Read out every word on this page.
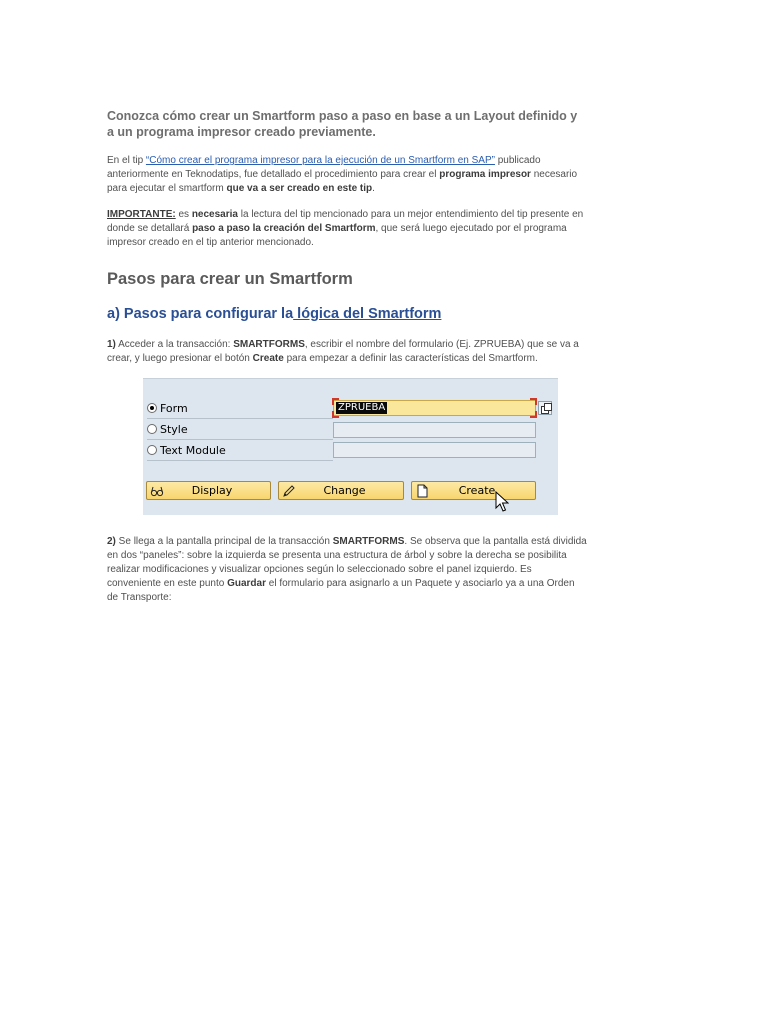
Conozca cómo crear un Smartform paso a paso en base a un Layout definido y a un programa impresor creado previamente.

En el tip “Cómo crear el programa impresor para la ejecución de un Smartform en SAP” publicado anteriormente en Teknodatips, fue detallado el procedimiento para crear el programa impresor necesario para ejecutar el smartform que va a ser creado en este tip.

IMPORTANTE: es necesaria la lectura del tip mencionado para un mejor entendimiento del tip presente en donde se detallará paso a paso la creación del Smartform, que será luego ejecutado por el programa impresor creado en el tip anterior mencionado.

Pasos para crear un Smartform
a) Pasos para configurar la lógica del Smartform

1) Acceder a la transacción: SMARTFORMS, escribir el nombre del formulario (Ej. ZPRUEBA) que se va a crear, y luego presionar el botón Create para empezar a definir las características del Smartform.

Form
Style
Text Module
ZPRUEBA
Display	Change	Create

2) Se llega a la pantalla principal de la transacción SMARTFORMS. Se observa que la pantalla está dividida en dos “paneles”: sobre la izquierda se presenta una estructura de árbol y sobre la derecha se posibilita realizar modificaciones y visualizar opciones según lo seleccionado sobre el panel izquierdo. Es conveniente en este punto Guardar el formulario para asignarlo a un Paquete y asociarlo ya a una Orden de Transporte:
